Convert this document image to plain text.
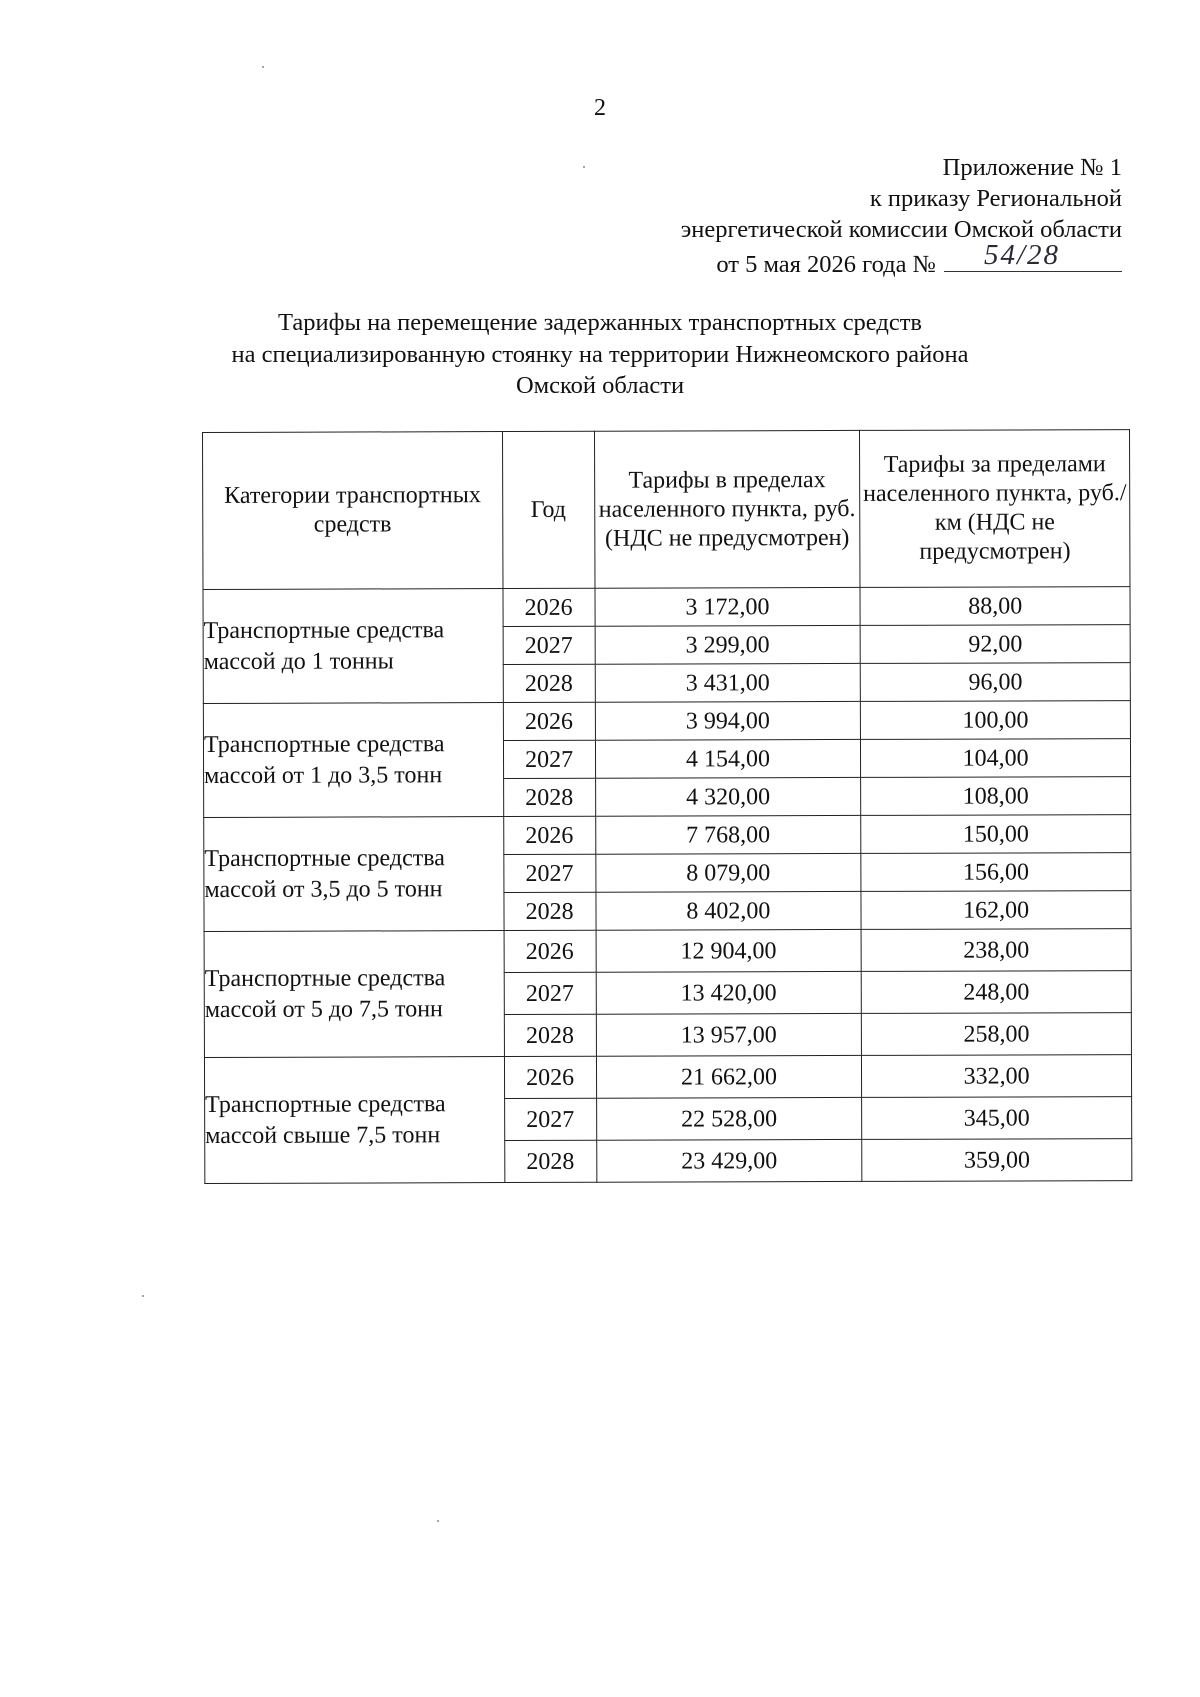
2
Приложение № 1
к приказу Региональной
энергетической комиссии Омской области
от 5 мая 2026 года № 54/28
Тарифы на перемещение задержанных транспортных средств
на специализированную стоянку на территории Нижнеомского района
Омской области
Категории транспортных средств	Год	Тарифы в пределах населенного пункта, руб. (НДС не предусмотрен)	Тарифы за пределами населенного пункта, руб./км (НДС не предусмотрен)
Транспортные средства массой до 1 тонны	2026	3 172,00	88,00
	2027	3 299,00	92,00
	2028	3 431,00	96,00
Транспортные средства массой от 1 до 3,5 тонн	2026	3 994,00	100,00
	2027	4 154,00	104,00
	2028	4 320,00	108,00
Транспортные средства массой от 3,5 до 5 тонн	2026	7 768,00	150,00
	2027	8 079,00	156,00
	2028	8 402,00	162,00
Транспортные средства массой от 5 до 7,5 тонн	2026	12 904,00	238,00
	2027	13 420,00	248,00
	2028	13 957,00	258,00
Транспортные средства массой свыше 7,5 тонн	2026	21 662,00	332,00
	2027	22 528,00	345,00
	2028	23 429,00	359,00
